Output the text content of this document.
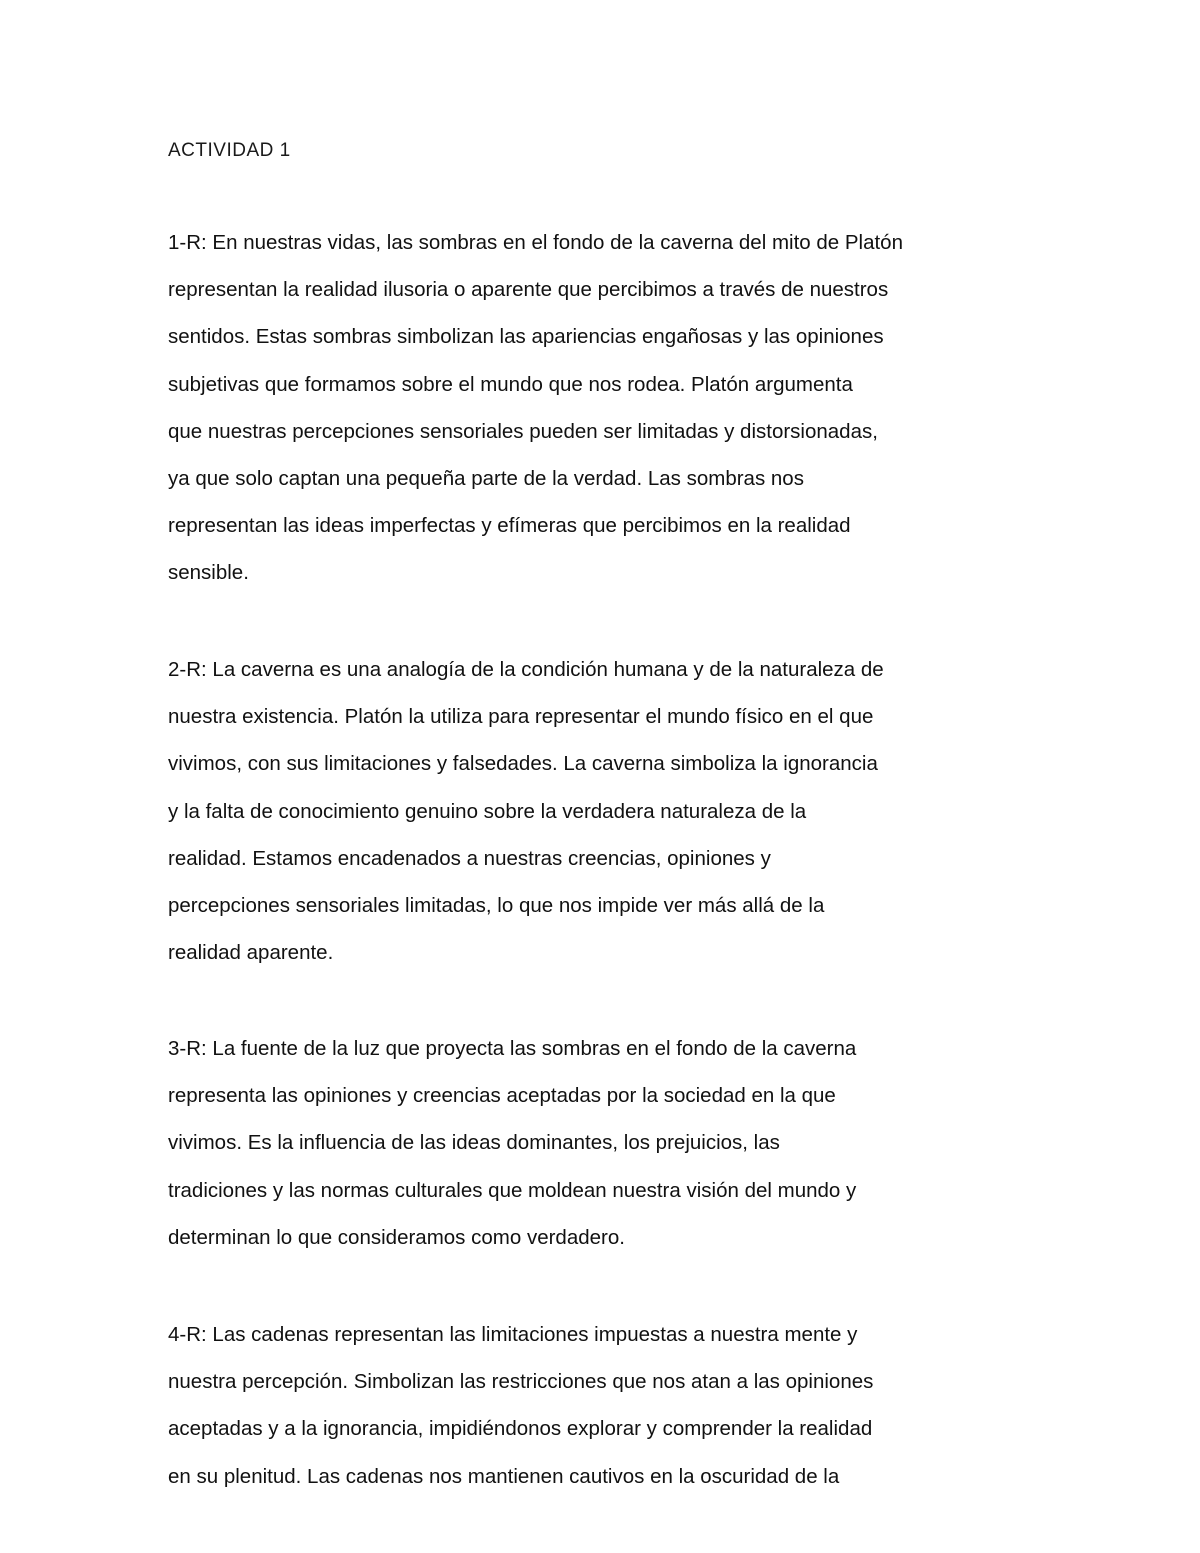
ACTIVIDAD 1
1-R: En nuestras vidas, las sombras en el fondo de la caverna del mito de Platón
representan la realidad ilusoria o aparente que percibimos a través de nuestros
sentidos. Estas sombras simbolizan las apariencias engañosas y las opiniones
subjetivas que formamos sobre el mundo que nos rodea. Platón argumenta
que nuestras percepciones sensoriales pueden ser limitadas y distorsionadas,
ya que solo captan una pequeña parte de la verdad. Las sombras nos
representan las ideas imperfectas y efímeras que percibimos en la realidad
sensible.
2-R: La caverna es una analogía de la condición humana y de la naturaleza de
nuestra existencia. Platón la utiliza para representar el mundo físico en el que
vivimos, con sus limitaciones y falsedades. La caverna simboliza la ignorancia
y la falta de conocimiento genuino sobre la verdadera naturaleza de la
realidad. Estamos encadenados a nuestras creencias, opiniones y
percepciones sensoriales limitadas, lo que nos impide ver más allá de la
realidad aparente.
3-R: La fuente de la luz que proyecta las sombras en el fondo de la caverna
representa las opiniones y creencias aceptadas por la sociedad en la que
vivimos. Es la influencia de las ideas dominantes, los prejuicios, las
tradiciones y las normas culturales que moldean nuestra visión del mundo y
determinan lo que consideramos como verdadero.
4-R: Las cadenas representan las limitaciones impuestas a nuestra mente y
nuestra percepción. Simbolizan las restricciones que nos atan a las opiniones
aceptadas y a la ignorancia, impidiéndonos explorar y comprender la realidad
en su plenitud. Las cadenas nos mantienen cautivos en la oscuridad de la
